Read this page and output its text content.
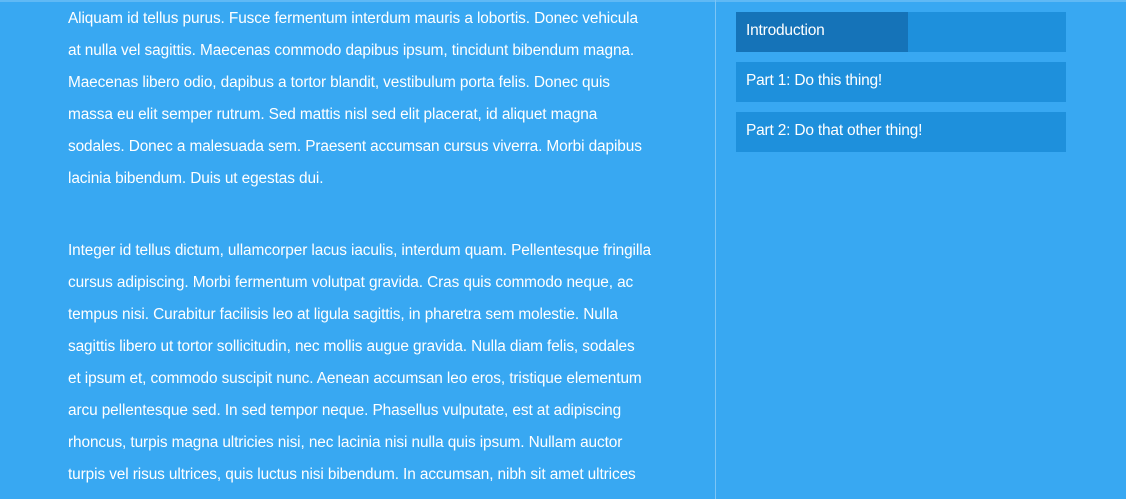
Aliquam id tellus purus. Fusce fermentum interdum mauris a lobortis. Donec vehicula
at nulla vel sagittis. Maecenas commodo dapibus ipsum, tincidunt bibendum magna.
Maecenas libero odio, dapibus a tortor blandit, vestibulum porta felis. Donec quis
massa eu elit semper rutrum. Sed mattis nisl sed elit placerat, id aliquet magna
sodales. Donec a malesuada sem. Praesent accumsan cursus viverra. Morbi dapibus
lacinia bibendum. Duis ut egestas dui.

Integer id tellus dictum, ullamcorper lacus iaculis, interdum quam. Pellentesque fringilla
cursus adipiscing. Morbi fermentum volutpat gravida. Cras quis commodo neque, ac
tempus nisi. Curabitur facilisis leo at ligula sagittis, in pharetra sem molestie. Nulla
sagittis libero ut tortor sollicitudin, nec mollis augue gravida. Nulla diam felis, sodales
et ipsum et, commodo suscipit nunc. Aenean accumsan leo eros, tristique elementum
arcu pellentesque sed. In sed tempor neque. Phasellus vulputate, est at adipiscing
rhoncus, turpis magna ultricies nisi, nec lacinia nisi nulla quis ipsum. Nullam auctor
turpis vel risus ultrices, quis luctus nisi bibendum. In accumsan, nibh sit amet ultrices

Introduction
Part 1: Do this thing!
Part 2: Do that other thing!
